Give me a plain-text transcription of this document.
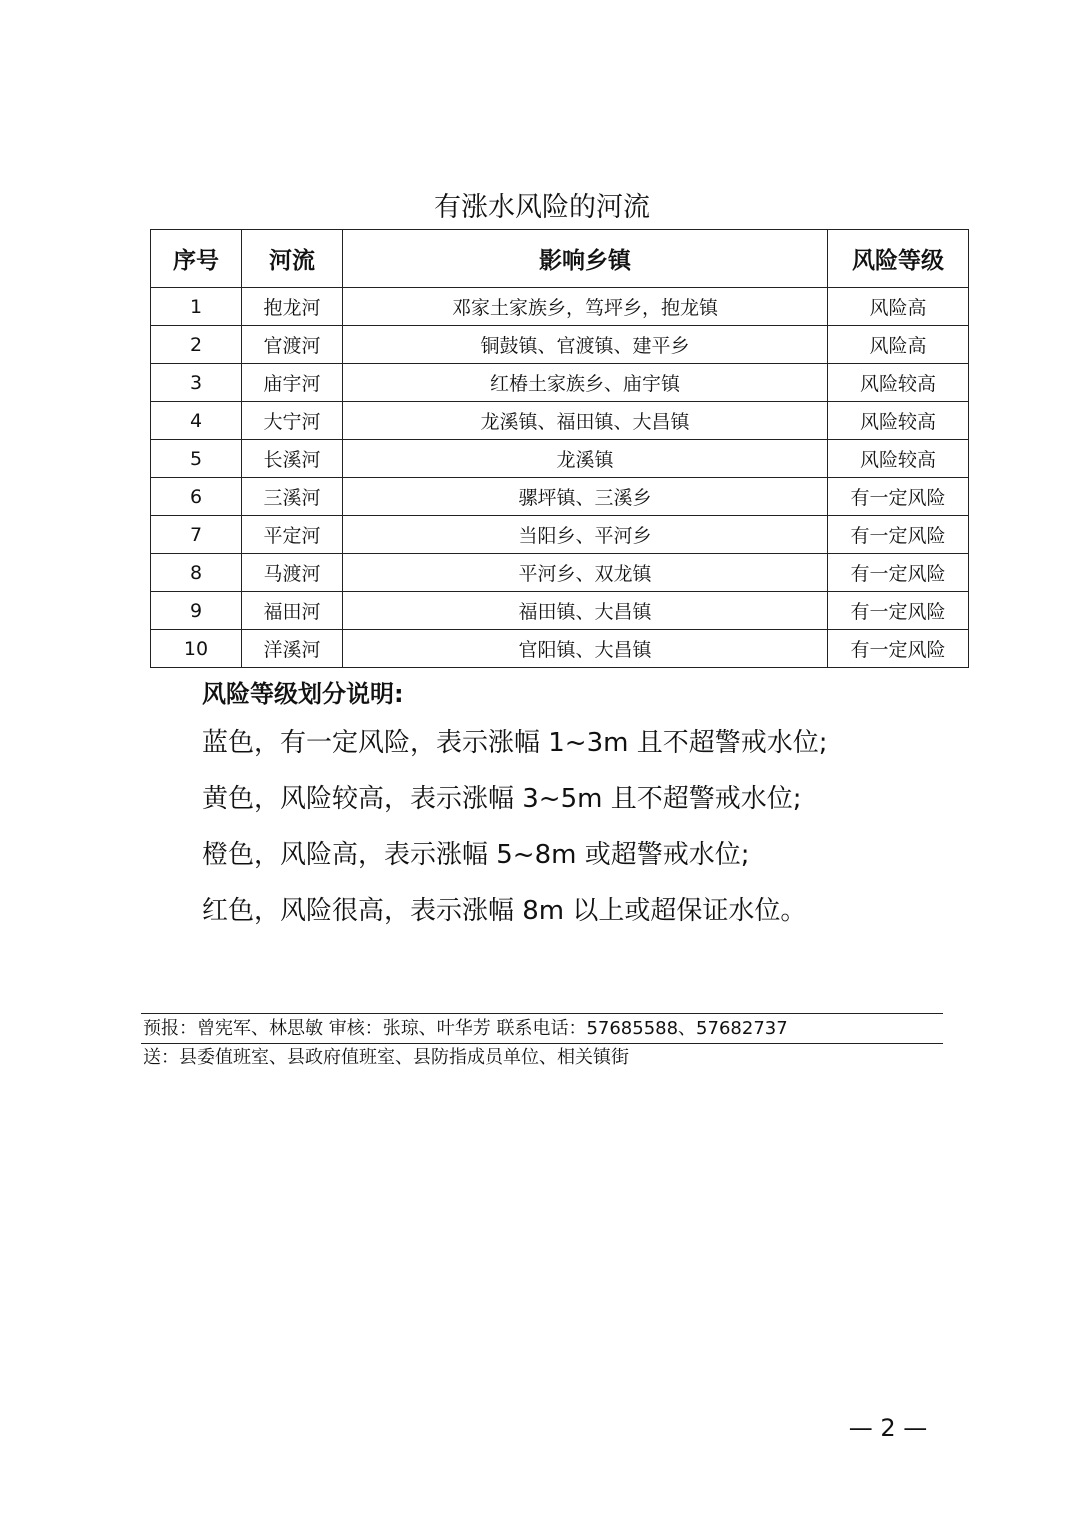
有涨水风险的河流
序号	河流	影响乡镇	风险等级
1	抱龙河	邓家土家族乡，笃坪乡，抱龙镇	风险高
2	官渡河	铜鼓镇、官渡镇、建平乡	风险高
3	庙宇河	红椿土家族乡、庙宇镇	风险较高
4	大宁河	龙溪镇、福田镇、大昌镇	风险较高
5	长溪河	龙溪镇	风险较高
6	三溪河	骡坪镇、三溪乡	有一定风险
7	平定河	当阳乡、平河乡	有一定风险
8	马渡河	平河乡、双龙镇	有一定风险
9	福田河	福田镇、大昌镇	有一定风险
10	洋溪河	官阳镇、大昌镇	有一定风险
风险等级划分说明:
蓝色，有一定风险，表示涨幅 1~3m 且不超警戒水位;
黄色，风险较高，表示涨幅 3~5m 且不超警戒水位;
橙色，风险高，表示涨幅 5~8m 或超警戒水位;
红色，风险很高，表示涨幅 8m 以上或超保证水位。
预报：曾宪军、林思敏 审核：张琼、叶华芳 联系电话：57685588、57682737
送：县委值班室、县政府值班室、县防指成员单位、相关镇街
— 2 —
